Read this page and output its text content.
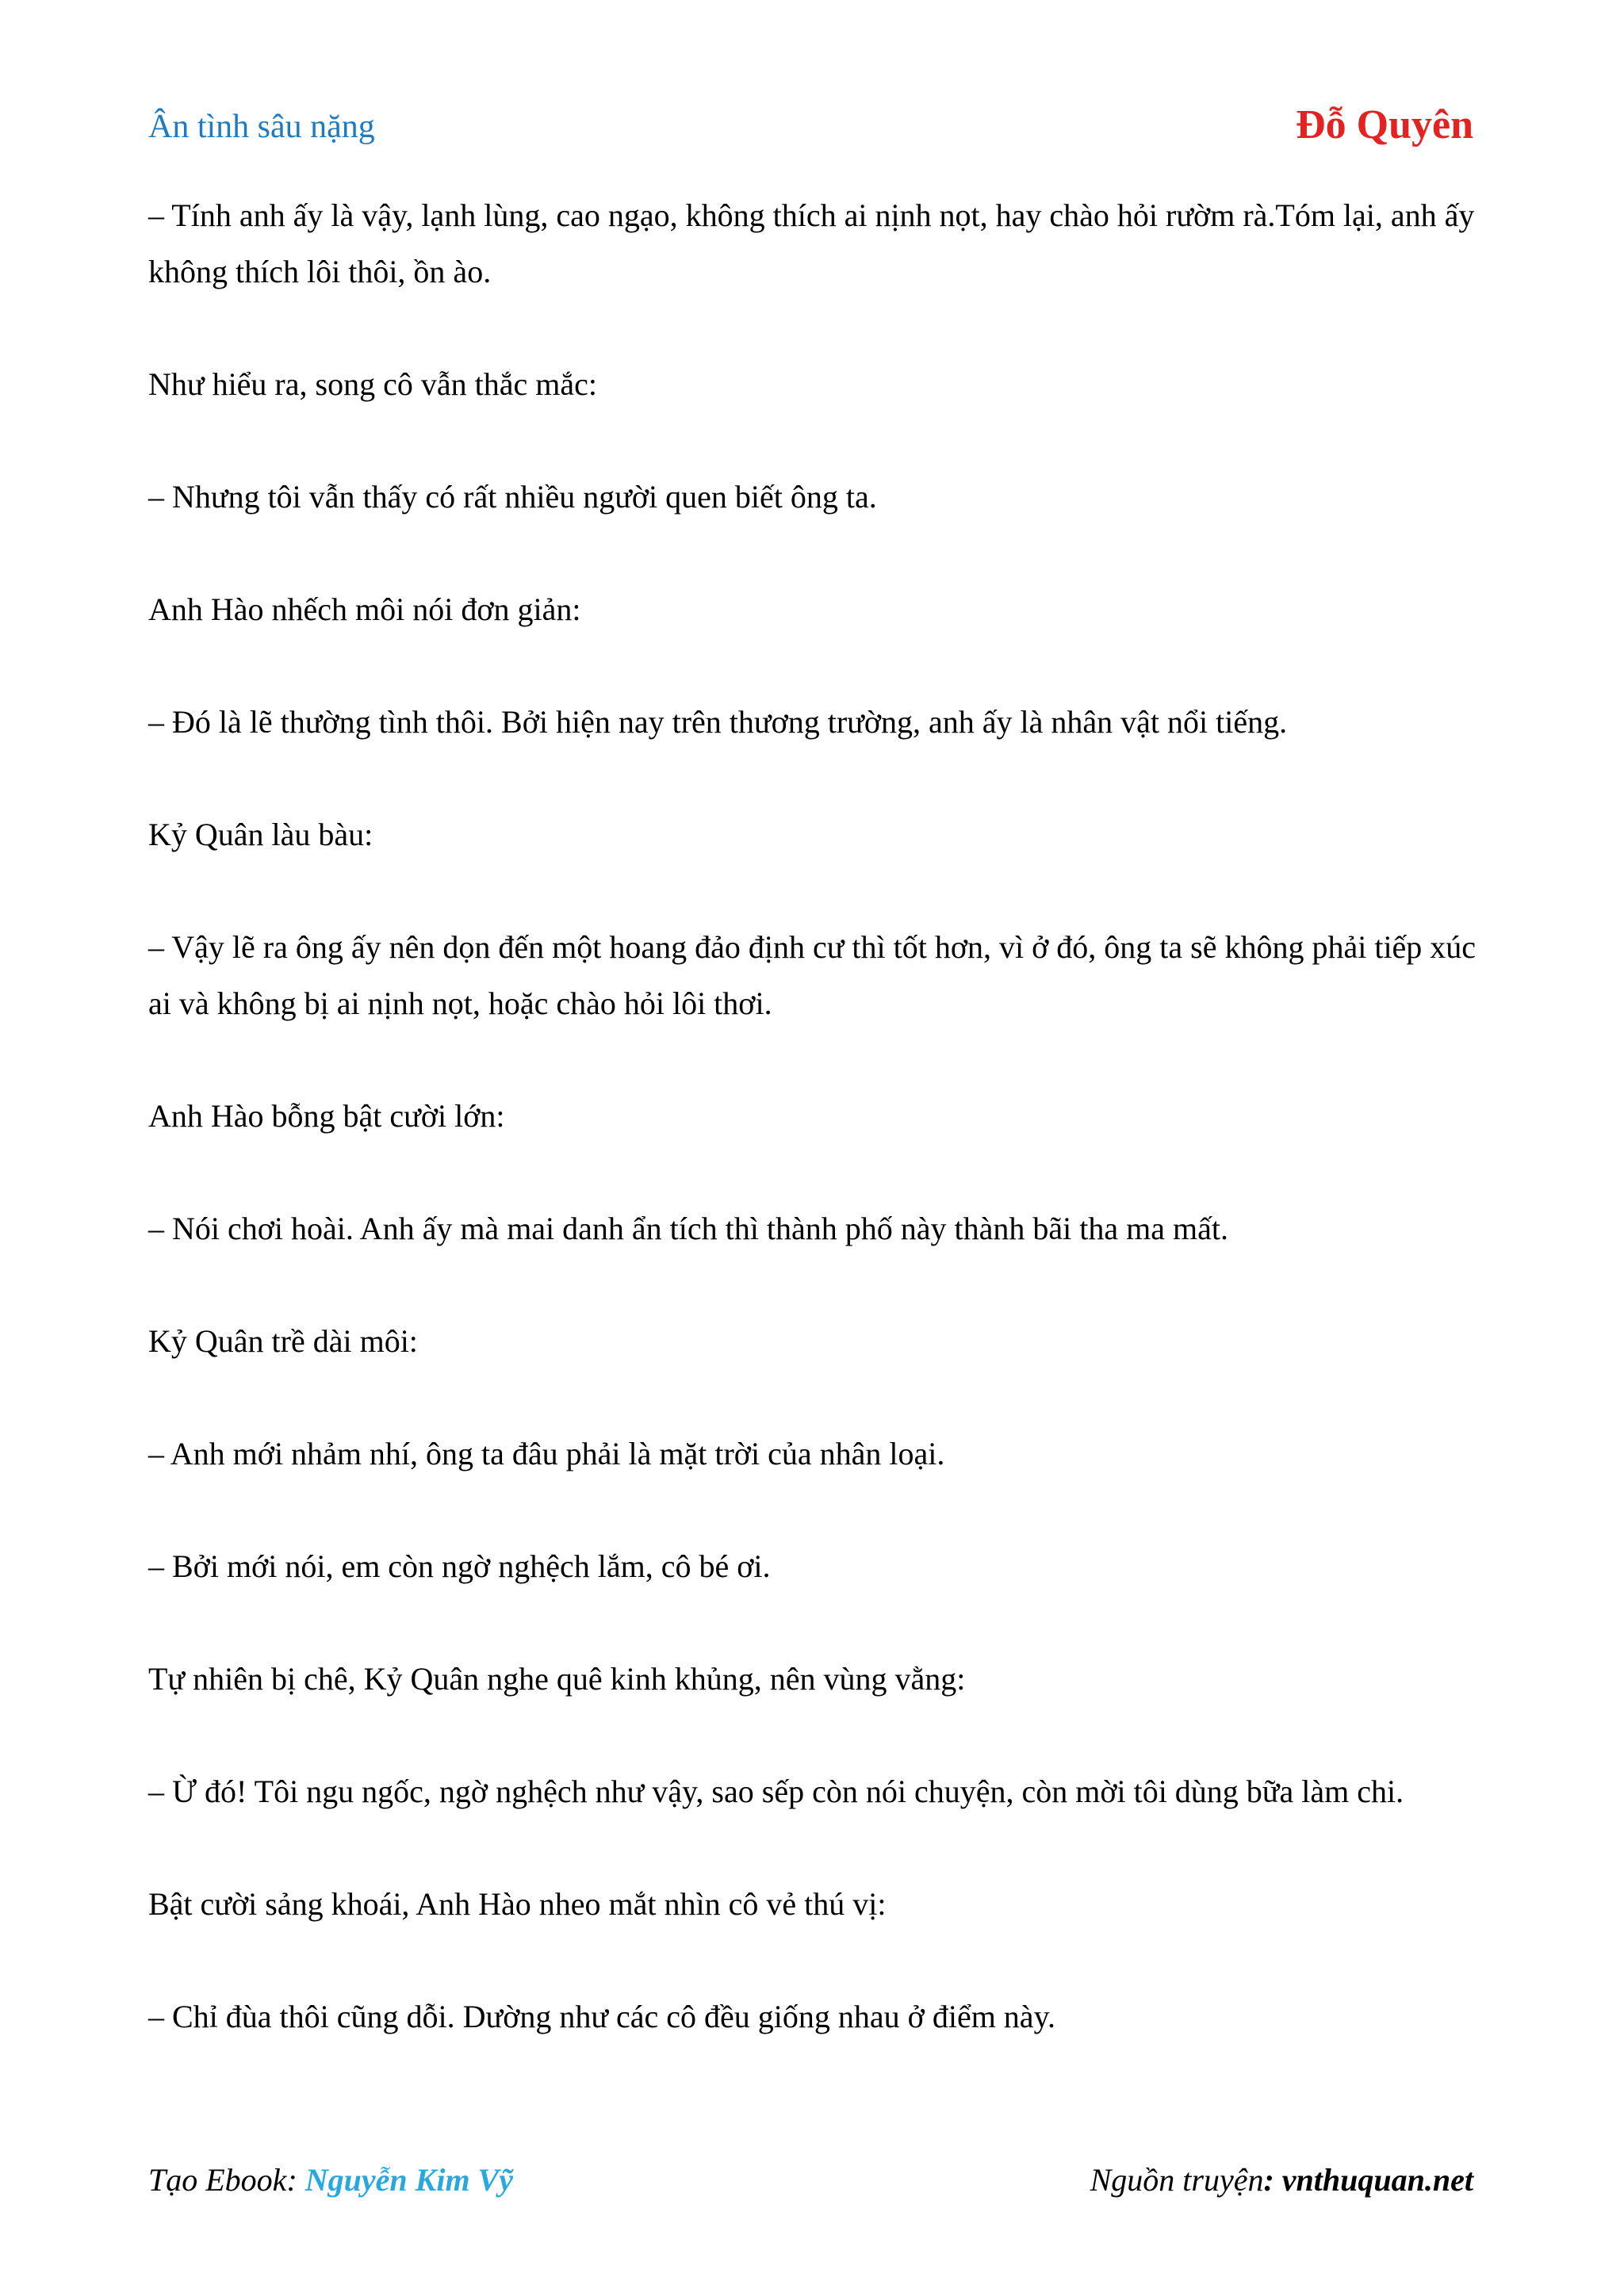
Ân tình sâu nặng	Đỗ Quyên

– Tính anh ấy là vậy, lạnh lùng, cao ngạo, không thích ai nịnh nọt, hay chào hỏi rườm rà.Tóm lại, anh ấy không thích lôi thôi, ồn ào.

Như hiểu ra, song cô vẫn thắc mắc:

– Nhưng tôi vẫn thấy có rất nhiều người quen biết ông ta.

Anh Hào nhếch môi nói đơn giản:

– Đó là lẽ thường tình thôi. Bởi hiện nay trên thương trường, anh ấy là nhân vật nổi tiếng.

Kỷ Quân làu bàu:

– Vậy lẽ ra ông ấy nên dọn đến một hoang đảo định cư thì tốt hơn, vì ở đó, ông ta sẽ không phải tiếp xúc ai và không bị ai nịnh nọt, hoặc chào hỏi lôi thơi.

Anh Hào bỗng bật cười lớn:

– Nói chơi hoài. Anh ấy mà mai danh ẩn tích thì thành phố này thành bãi tha ma mất.

Kỷ Quân trề dài môi:

– Anh mới nhảm nhí, ông ta đâu phải là mặt trời của nhân loại.

– Bởi mới nói, em còn ngờ nghệch lắm, cô bé ơi.

Tự nhiên bị chê, Kỷ Quân nghe quê kinh khủng, nên vùng vằng:

– Ừ đó! Tôi ngu ngốc, ngờ nghệch như vậy, sao sếp còn nói chuyện, còn mời tôi dùng bữa làm chi.

Bật cười sảng khoái, Anh Hào nheo mắt nhìn cô vẻ thú vị:

– Chỉ đùa thôi cũng dỗi. Dường như các cô đều giống nhau ở điểm này.

Tạo Ebook: Nguyễn Kim Vỹ	Nguồn truyện: vnthuquan.net
